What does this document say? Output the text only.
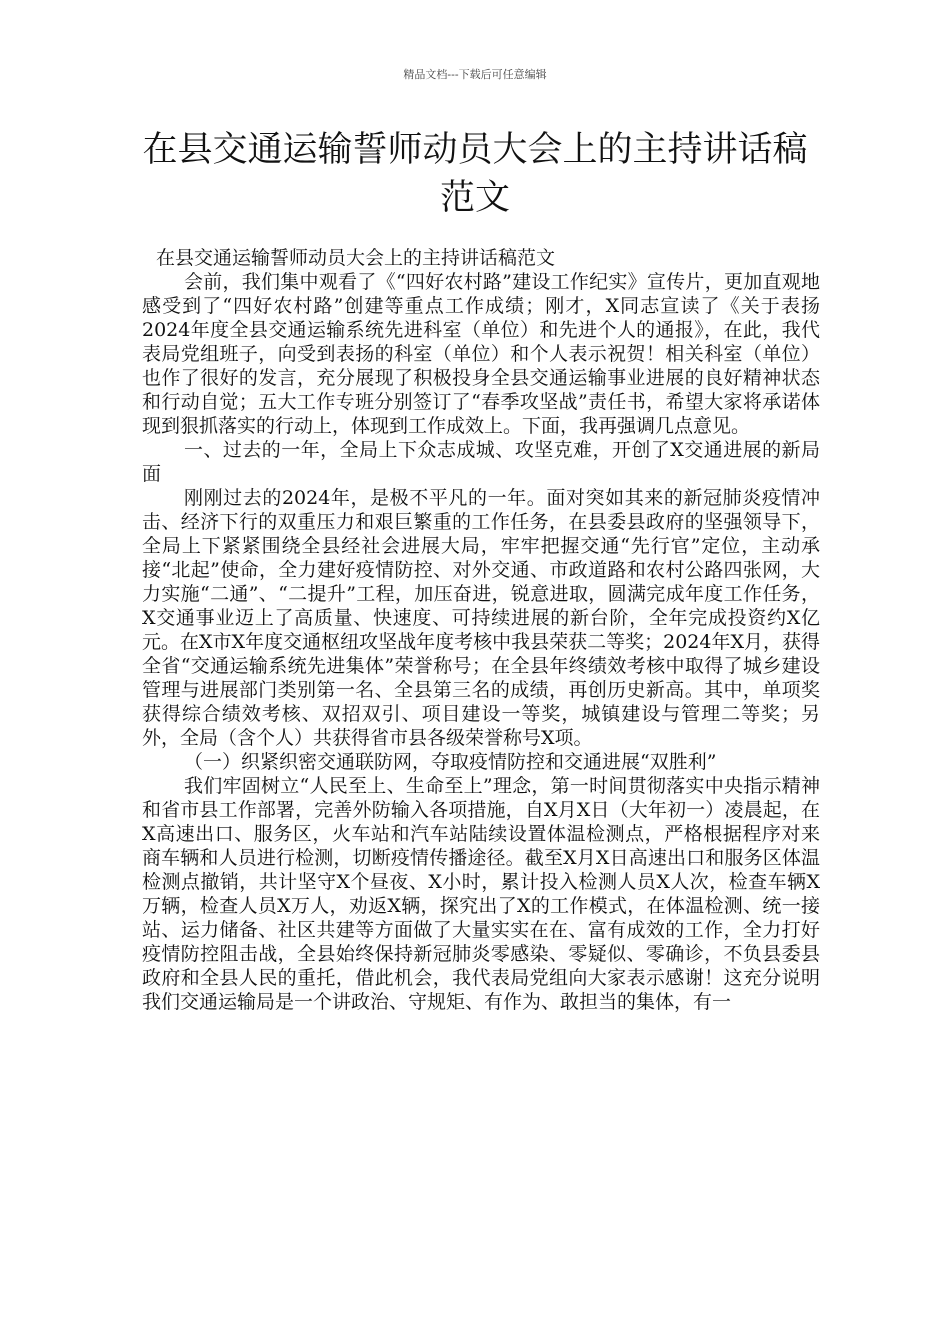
精品文档---下载后可任意编辑
在县交通运输誓师动员大会上的主持讲话稿范文

在县交通运输誓师动员大会上的主持讲话稿范文

会前，我们集中观看了《“四好农村路”建设工作纪实》宣传片，更加直观地感受到了“四好农村路”创建等重点工作成绩；刚才，X同志宣读了《关于表扬2024年度全县交通运输系统先进科室（单位）和先进个人的通报》，在此，我代表局党组班子，向受到表扬的科室（单位）和个人表示祝贺！相关科室（单位）也作了很好的发言，充分展现了积极投身全县交通运输事业进展的良好精神状态和行动自觉；五大工作专班分别签订了“春季攻坚战”责任书，希望大家将承诺体现到狠抓落实的行动上，体现到工作成效上。下面，我再强调几点意见。

一、过去的一年，全局上下众志成城、攻坚克难，开创了X交通进展的新局面

刚刚过去的2024年，是极不平凡的一年。面对突如其来的新冠肺炎疫情冲击、经济下行的双重压力和艰巨繁重的工作任务，在县委县政府的坚强领导下，全局上下紧紧围绕全县经社会进展大局，牢牢把握交通“先行官”定位，主动承接“北起”使命，全力建好疫情防控、对外交通、市政道路和农村公路四张网，大力实施“二通”、“二提升”工程，加压奋进，锐意进取，圆满完成年度工作任务，X交通事业迈上了高质量、快速度、可持续进展的新台阶，全年完成投资约X亿元。在X市X年度交通枢纽攻坚战年度考核中我县荣获二等奖；2024年X月，获得全省“交通运输系统先进集体”荣誉称号；在全县年终绩效考核中取得了城乡建设管理与进展部门类别第一名、全县第三名的成绩，再创历史新高。其中，单项奖获得综合绩效考核、双招双引、项目建设一等奖，城镇建设与管理二等奖；另外，全局（含个人）共获得省市县各级荣誉称号X项。

（一）织紧织密交通联防网，夺取疫情防控和交通进展“双胜利”

我们牢固树立“人民至上、生命至上”理念，第一时间贯彻落实中央指示精神和省市县工作部署，完善外防输入各项措施，自X月X日（大年初一）凌晨起，在X高速出口、服务区，火车站和汽车站陆续设置体温检测点，严格根据程序对来商车辆和人员进行检测，切断疫情传播途径。截至X月X日高速出口和服务区体温检测点撤销，共计坚守X个昼夜、X小时，累计投入检测人员X人次，检查车辆X万辆，检查人员X万人，劝返X辆，探究出了X的工作模式，在体温检测、统一接站、运力储备、社区共建等方面做了大量实实在在、富有成效的工作，全力打好疫情防控阻击战，全县始终保持新冠肺炎零感染、零疑似、零确诊，不负县委县政府和全县人民的重托，借此机会，我代表局党组向大家表示感谢！这充分说明我们交通运输局是一个讲政治、守规矩、有作为、敢担当的集体，有一
